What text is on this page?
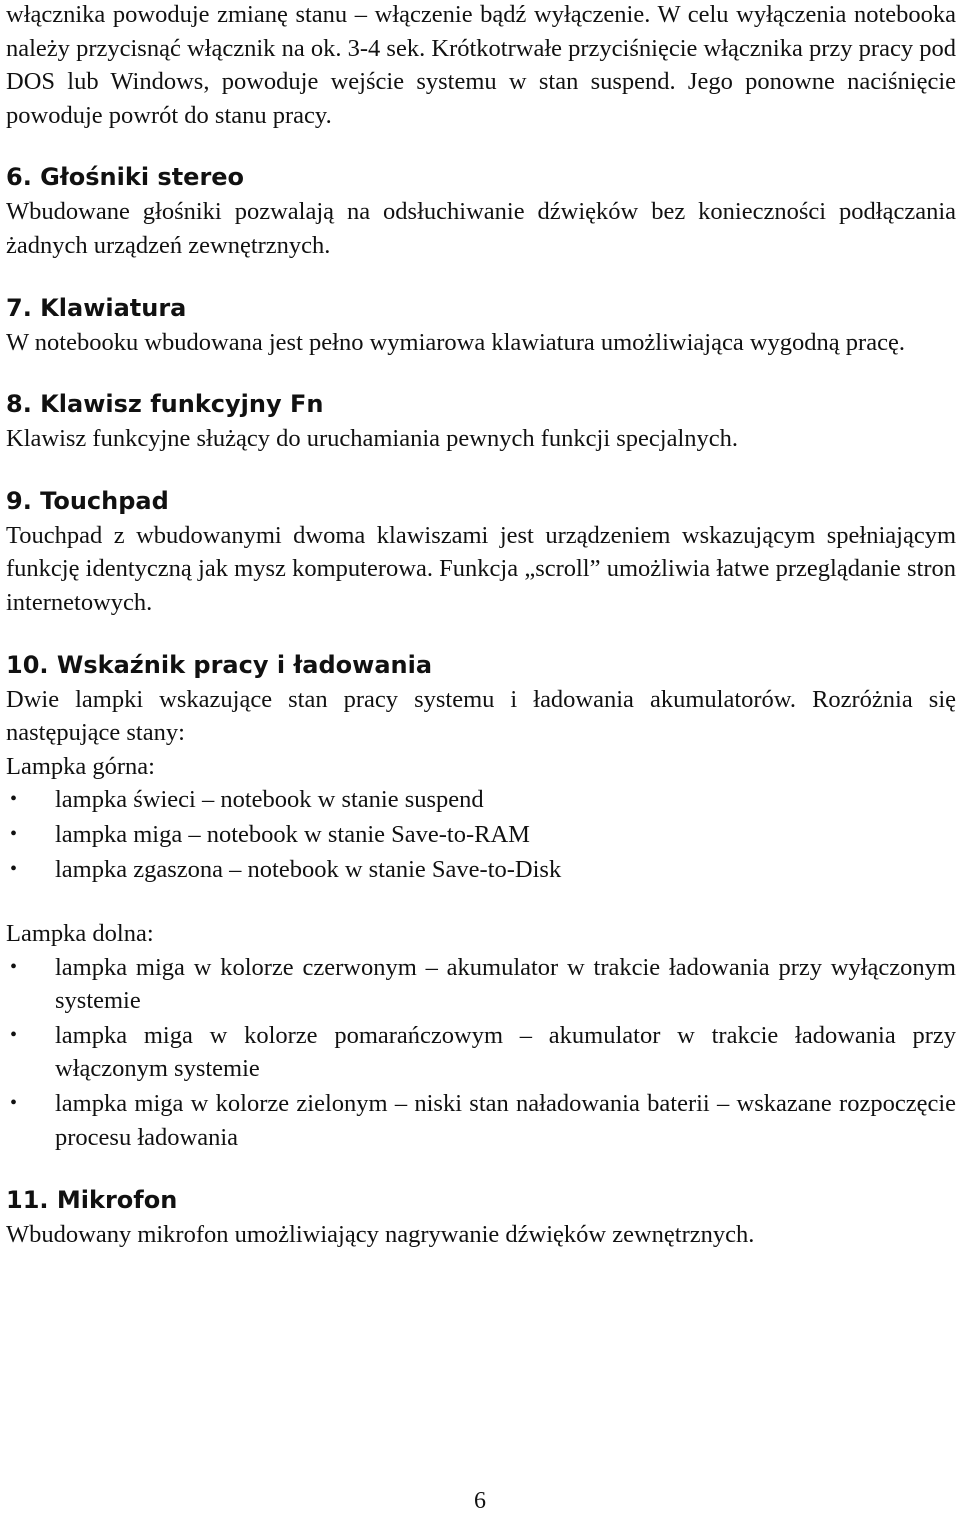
włącznika powoduje zmianę stanu – włączenie bądź wyłączenie. W celu wyłączenia notebooka należy przycisnąć włącznik na ok. 3-4 sek. Krótkotrwałe przyciśnięcie włącznika przy pracy pod DOS lub Windows, powoduje wejście systemu w stan suspend. Jego ponowne naciśnięcie powoduje powrót do stanu pracy.

6. Głośniki stereo

Wbudowane głośniki pozwalają na odsłuchiwanie dźwięków bez konieczności podłączania żadnych urządzeń zewnętrznych.

7. Klawiatura

W notebooku wbudowana jest pełno wymiarowa klawiatura umożliwiająca wygodną pracę.

8. Klawisz funkcyjny Fn

Klawisz funkcyjne służący do uruchamiania pewnych funkcji specjalnych.

9. Touchpad

Touchpad z wbudowanymi dwoma klawiszami jest urządzeniem wskazującym spełniającym funkcję identyczną jak mysz komputerowa. Funkcja „scroll” umożliwia łatwe przeglądanie stron internetowych.

10. Wskaźnik pracy i ładowania

Dwie lampki wskazujące stan pracy systemu i ładowania akumulatorów. Rozróżnia się następujące stany:

Lampka górna:

• lampka świeci – notebook w stanie suspend
• lampka miga – notebook w stanie Save-to-RAM
• lampka zgaszona – notebook w stanie Save-to-Disk

Lampka dolna:

• lampka miga w kolorze czerwonym – akumulator w trakcie ładowania przy wyłączonym systemie
• lampka miga w kolorze pomarańczowym – akumulator w trakcie ładowania przy włączonym systemie
• lampka miga w kolorze zielonym – niski stan naładowania baterii – wskazane rozpoczęcie procesu ładowania
11. Mikrofon

Wbudowany mikrofon umożliwiający nagrywanie dźwięków zewnętrznych.

6
